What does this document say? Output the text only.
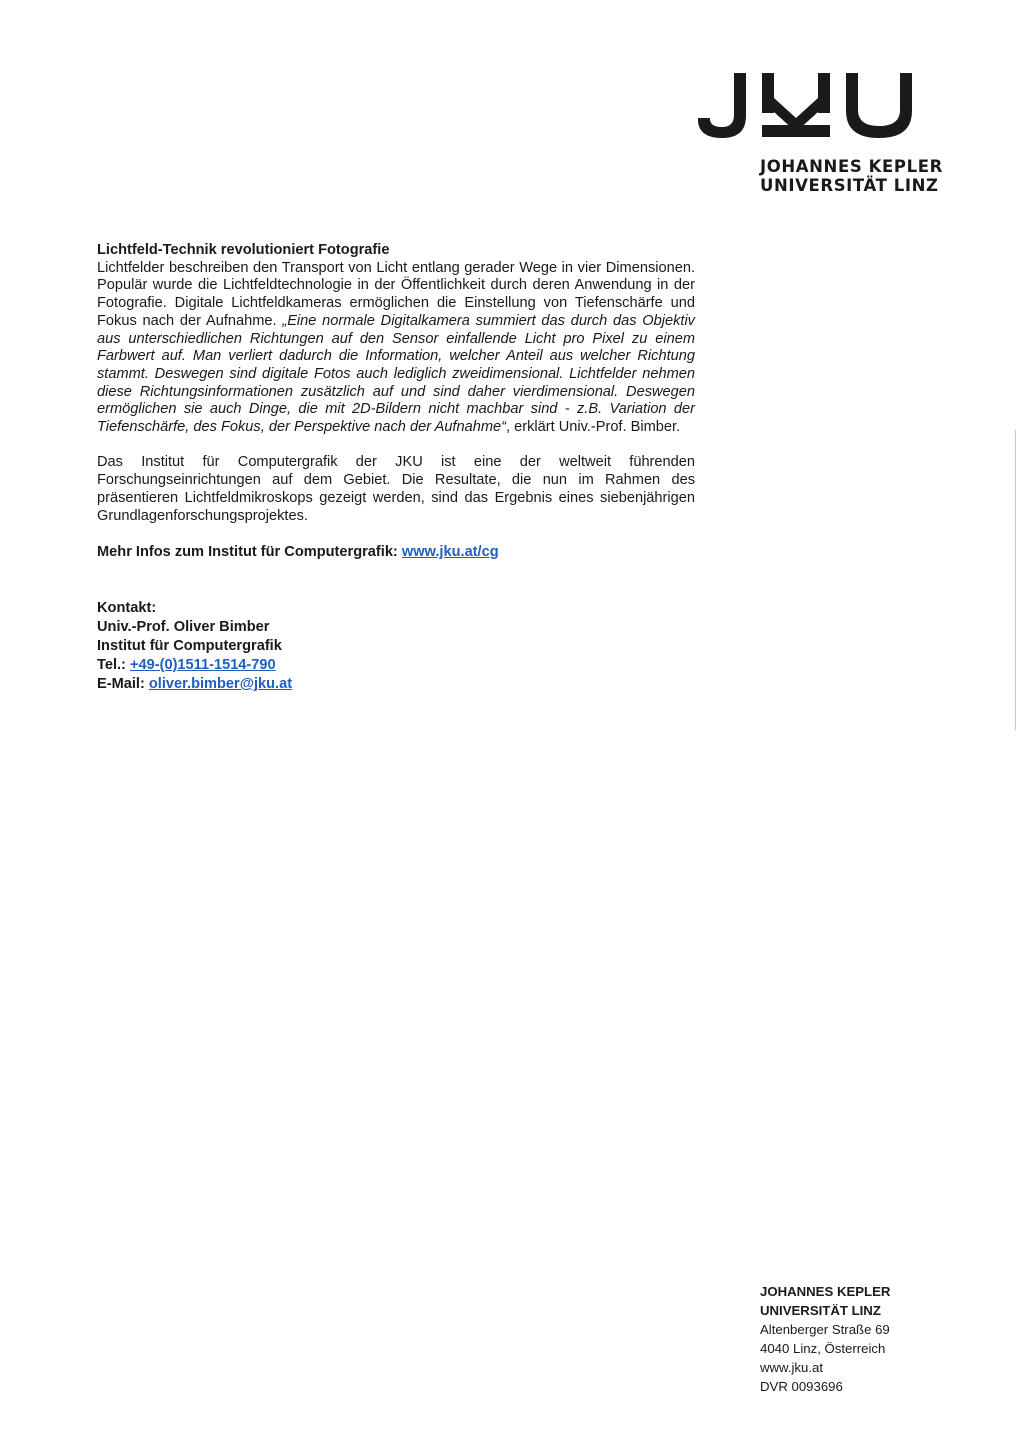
JOHANNES KEPLER
UNIVERSITÄT LINZ

Lichtfeld-Technik revolutioniert Fotografie

Lichtfelder beschreiben den Transport von Licht entlang gerader Wege in vier Dimensionen. Populär wurde die Lichtfeldtechnologie in der Öffentlichkeit durch deren Anwendung in der Fotografie. Digitale Lichtfeldkameras ermöglichen die Einstellung von Tiefenschärfe und Fokus nach der Aufnahme. „Eine normale Digitalkamera summiert das durch das Objektiv aus unterschiedlichen Richtungen auf den Sensor einfallende Licht pro Pixel zu einem Farbwert auf. Man verliert dadurch die Information, welcher Anteil aus welcher Richtung stammt. Deswegen sind digitale Fotos auch lediglich zweidimensional. Lichtfelder nehmen diese Richtungsinformationen zusätzlich auf und sind daher vierdimensional. Deswegen ermöglichen sie auch Dinge, die mit 2D-Bildern nicht machbar sind - z.B. Variation der Tiefenschärfe, des Fokus, der Perspektive nach der Aufnahme“, erklärt Univ.-Prof. Bimber.

Das Institut für Computergrafik der JKU ist eine der weltweit führenden Forschungseinrichtungen auf dem Gebiet. Die Resultate, die nun im Rahmen des präsentieren Lichtfeldmikroskops gezeigt werden, sind das Ergebnis eines siebenjährigen Grundlagenforschungsprojektes.

Mehr Infos zum Institut für Computergrafik: www.jku.at/cg
Kontakt:
Univ.-Prof. Oliver Bimber
Institut für Computergrafik
Tel.: +49-(0)1511-1514-790
E-Mail: oliver.bimber@jku.at
JOHANNES KEPLER
UNIVERSITÄT LINZ
Altenberger Straße 69
4040 Linz, Österreich
www.jku.at
DVR 0093696
